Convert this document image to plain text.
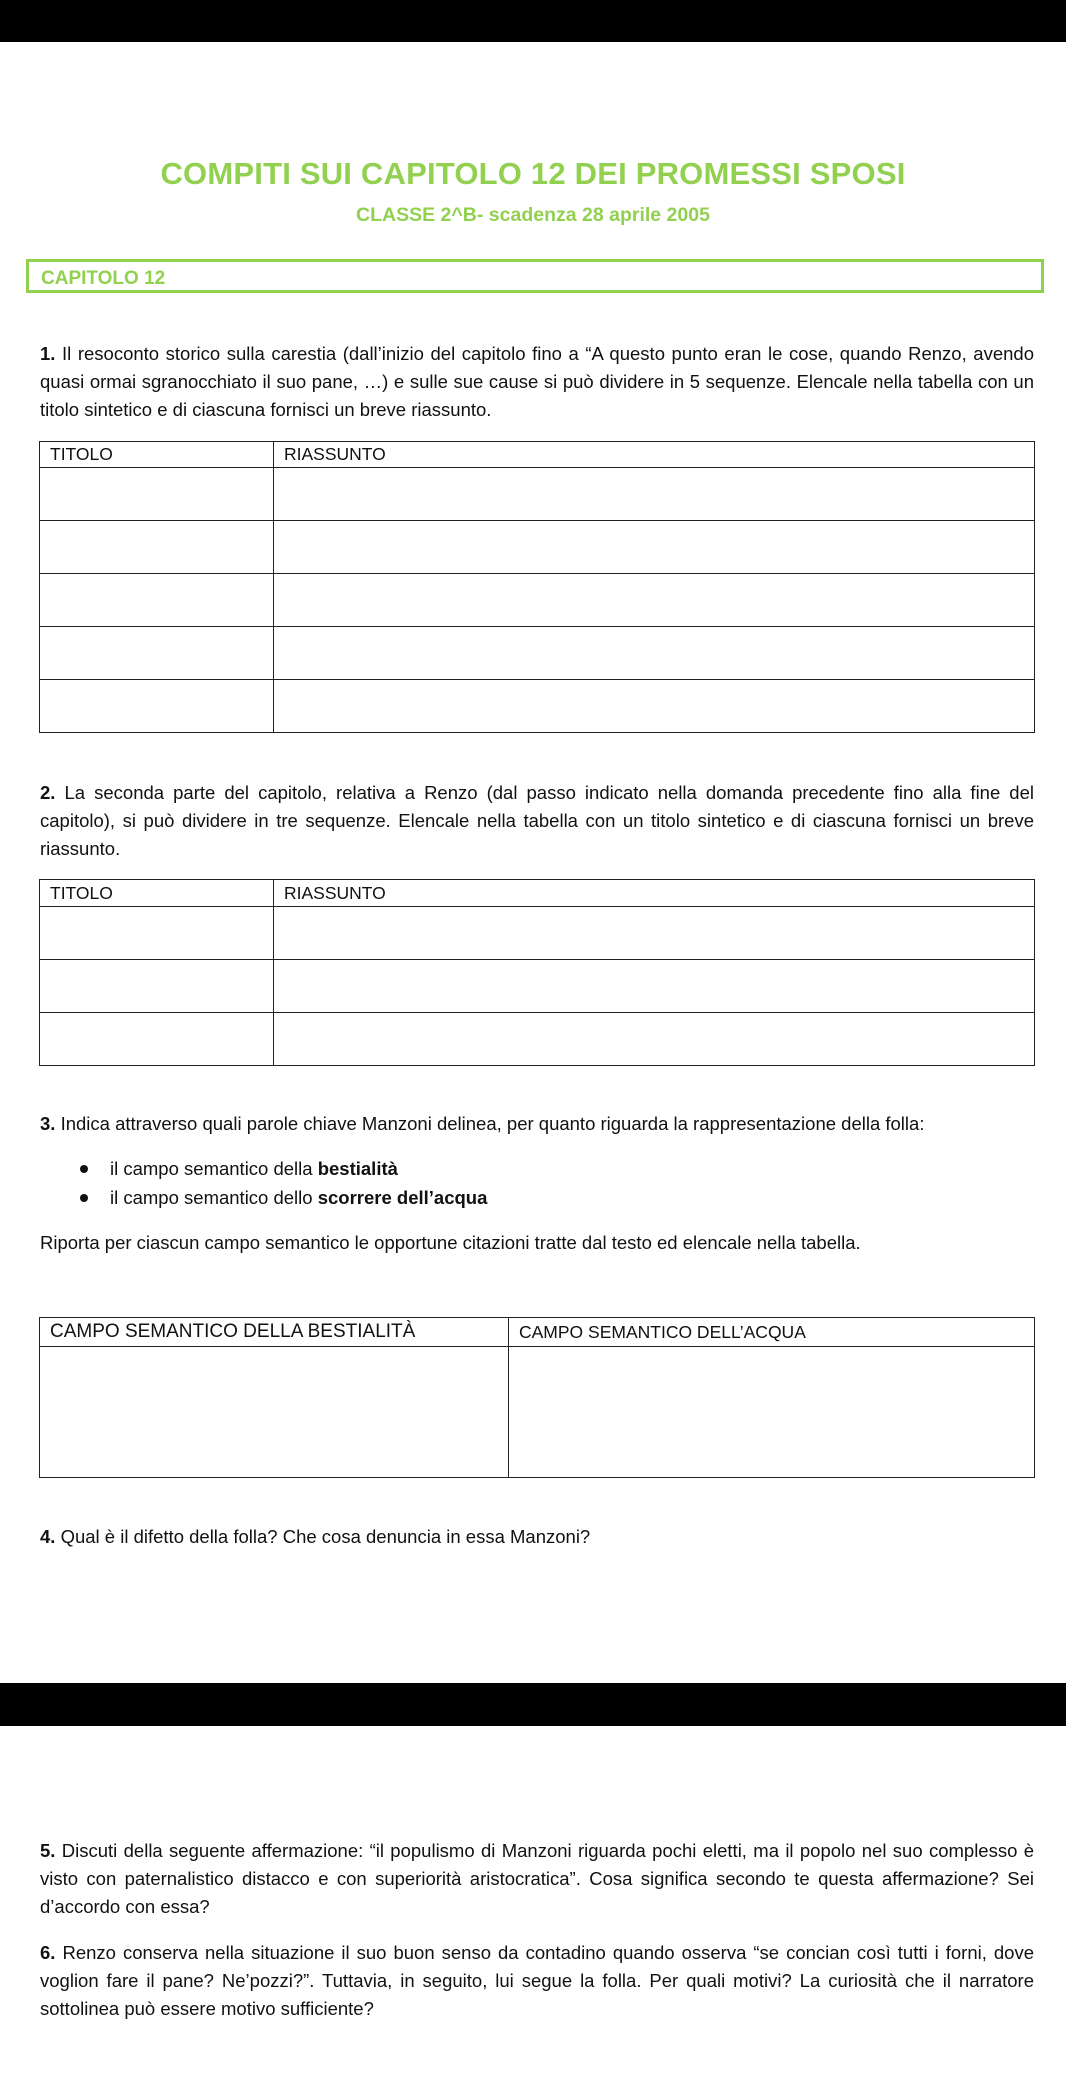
COMPITI SUI CAPITOLO 12 DEI PROMESSI SPOSI
CLASSE 2^B- scadenza 28 aprile 2005
CAPITOLO 12

1. Il resoconto storico sulla carestia (dall’inizio del capitolo fino a “A questo punto eran le cose, quando Renzo, avendo quasi ormai sgranocchiato il suo pane, …) e sulle sue cause si può dividere in 5 sequenze. Elencale nella tabella con un titolo sintetico e di ciascuna fornisci un breve riassunto.

TITOLO	RIASSUNTO

2. La seconda parte del capitolo, relativa a Renzo (dal passo indicato nella domanda precedente fino alla fine del capitolo), si può dividere in tre sequenze. Elencale nella tabella con un titolo sintetico e di ciascuna fornisci un breve riassunto.

TITOLO	RIASSUNTO

3. Indica attraverso quali parole chiave Manzoni delinea, per quanto riguarda la rappresentazione della folla:

il campo semantico della bestialità
il campo semantico dello scorrere dell’acqua

Riporta per ciascun campo semantico le opportune citazioni tratte dal testo ed elencale nella tabella.

CAMPO SEMANTICO DELLA BESTIALITÀ	CAMPO SEMANTICO DELL’ACQUA

4. Qual è il difetto della folla? Che cosa denuncia in essa Manzoni?

5. Discuti della seguente affermazione: “il populismo di Manzoni riguarda pochi eletti, ma il popolo nel suo complesso è visto con paternalistico distacco e con superiorità aristocratica”. Cosa significa secondo te questa affermazione? Sei d’accordo con essa?

6. Renzo conserva nella situazione il suo buon senso da contadino quando osserva “se concian così tutti i forni, dove voglion fare il pane? Ne’pozzi?”. Tuttavia, in seguito, lui segue la folla. Per quali motivi? La curiosità che il narratore sottolinea può essere motivo sufficiente?
